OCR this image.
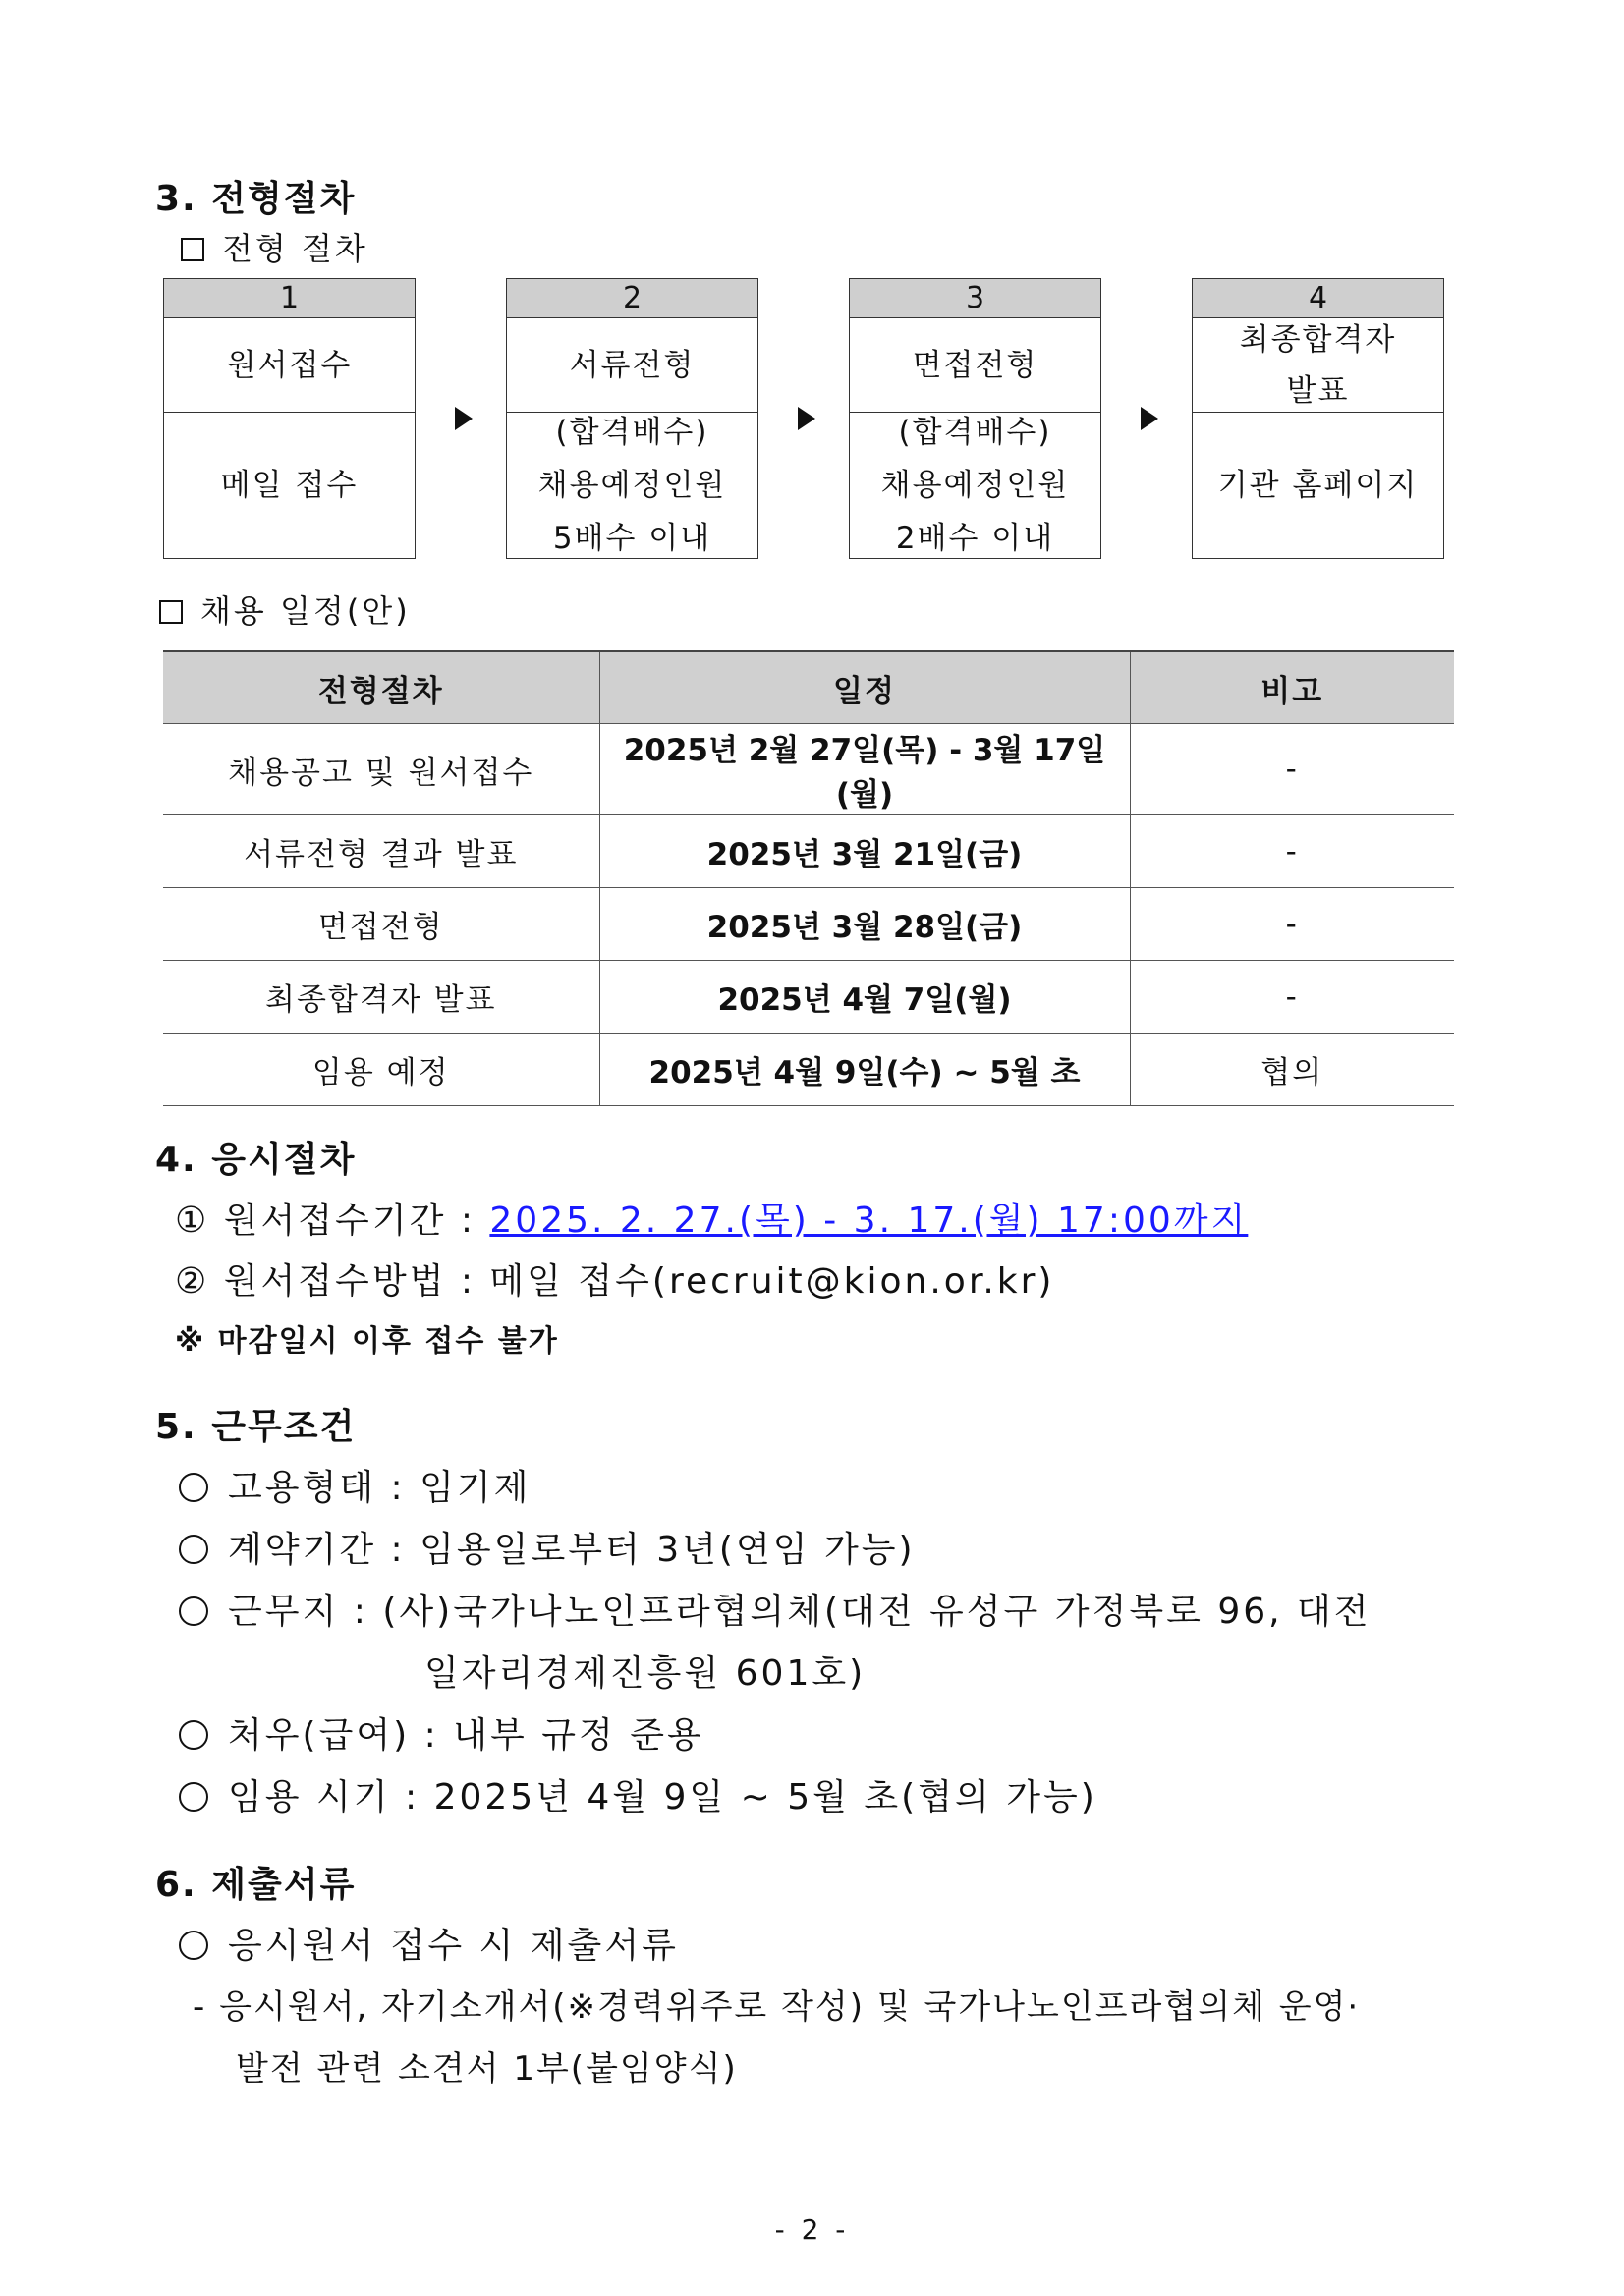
3. 전형절차
전형 절차
1
원서접수
메일 접수
2
서류전형
(합격배수)
채용예정인원
5배수 이내
3
면접전형
(합격배수)
채용예정인원
2배수 이내
4
최종합격자
발표
기관 홈페이지
채용 일정(안)
전형절차	일정	비고
채용공고 및 원서접수	2025년 2월 27일(목) - 3월 17일(월)	-
서류전형 결과 발표	2025년 3월 21일(금)	-
면접전형	2025년 3월 28일(금)	-
최종합격자 발표	2025년 4월 7일(월)	-
임용 예정	2025년 4월 9일(수) ~ 5월 초	협의
4. 응시절차
① 원서접수기간 : 2025. 2. 27.(목) - 3. 17.(월) 17:00까지
② 원서접수방법 : 메일 접수(recruit@kion.or.kr)
※ 마감일시 이후 접수 불가
5. 근무조건
고용형태 : 임기제
계약기간 : 임용일로부터 3년(연임 가능)
근무지 : (사)국가나노인프라협의체(대전 유성구 가정북로 96, 대전
일자리경제진흥원 601호)
처우(급여) : 내부 규정 준용
임용 시기 : 2025년 4월 9일 ~ 5월 초(협의 가능)
6. 제출서류
응시원서 접수 시 제출서류
- 응시원서, 자기소개서(※경력위주로 작성) 및 국가나노인프라협의체 운영·
발전 관련 소견서 1부(붙임양식)
- 2 -
